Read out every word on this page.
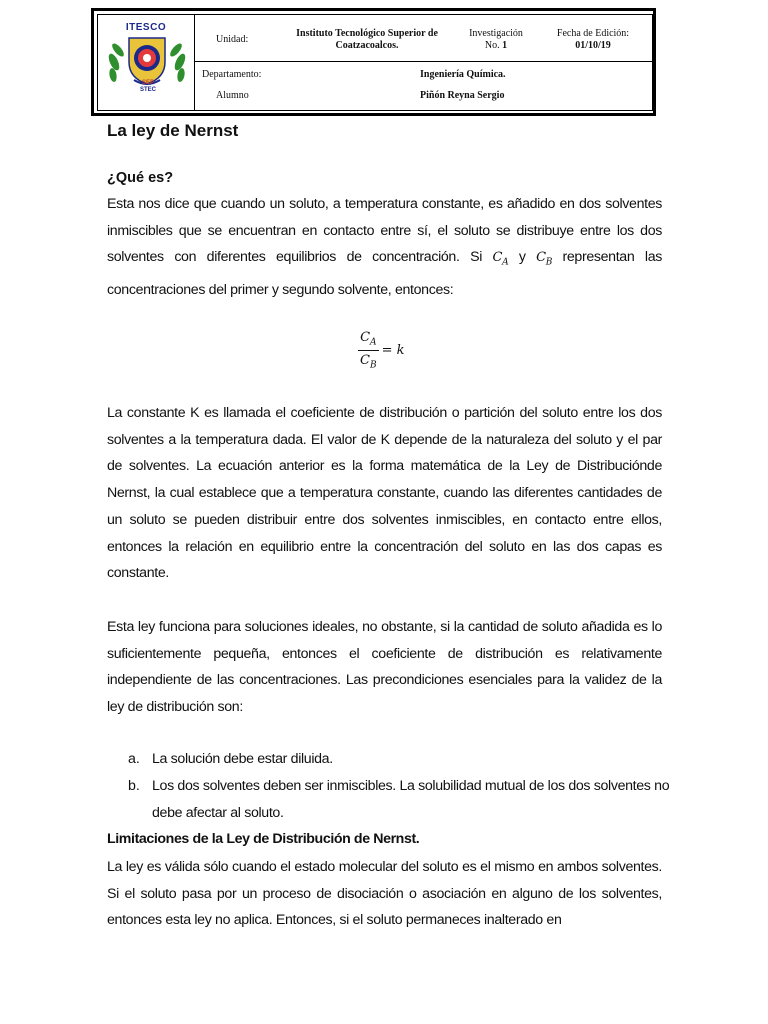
ITESCO
SEP
STEC
Unidad:
Instituto Tecnológico Superior de
Coatzacoalcos.
Investigación
No. 1
Fecha de Edición:
01/10/19
Departamento:	Ingeniería Química.
Alumno	Piñón Reyna Sergio
La ley de Nernst
¿Qué es?

Esta nos dice que cuando un soluto, a temperatura constante, es añadido en dos solventes inmiscibles que se encuentran en contacto entre sí, el soluto se distribuye entre los dos solventes con diferentes equilibrios de concentración. Si $C_A$ y $C_B$ representan las concentraciones del primer y segundo solvente, entonces:

$\frac{C_A}{C_B} = k$

La constante K es llamada el coeficiente de distribución o partición del soluto entre los dos solventes a la temperatura dada. El valor de K depende de la naturaleza del soluto y el par de solventes. La ecuación anterior es la forma matemática de la Ley de Distribuciónde Nernst, la cual establece que a temperatura constante, cuando las diferentes cantidades de un soluto se pueden distribuir entre dos solventes inmiscibles, en contacto entre ellos, entonces la relación en equilibrio entre la concentración del soluto en las dos capas es constante.

Esta ley funciona para soluciones ideales, no obstante, si la cantidad de soluto añadida es lo suficientemente pequeña, entonces el coeficiente de distribución es relativamente independiente de las concentraciones. Las precondiciones esenciales para la validez de la ley de distribución son:

a. La solución debe estar diluida.
b. Los dos solventes deben ser inmiscibles. La solubilidad mutual de los dos solventes no
debe afectar al soluto.
Limitaciones de la Ley de Distribución de Nernst.

La ley es válida sólo cuando el estado molecular del soluto es el mismo en ambos solventes. Si el soluto pasa por un proceso de disociación o asociación en alguno de los solventes, entonces esta ley no aplica. Entonces, si el soluto permaneces inalterado en
